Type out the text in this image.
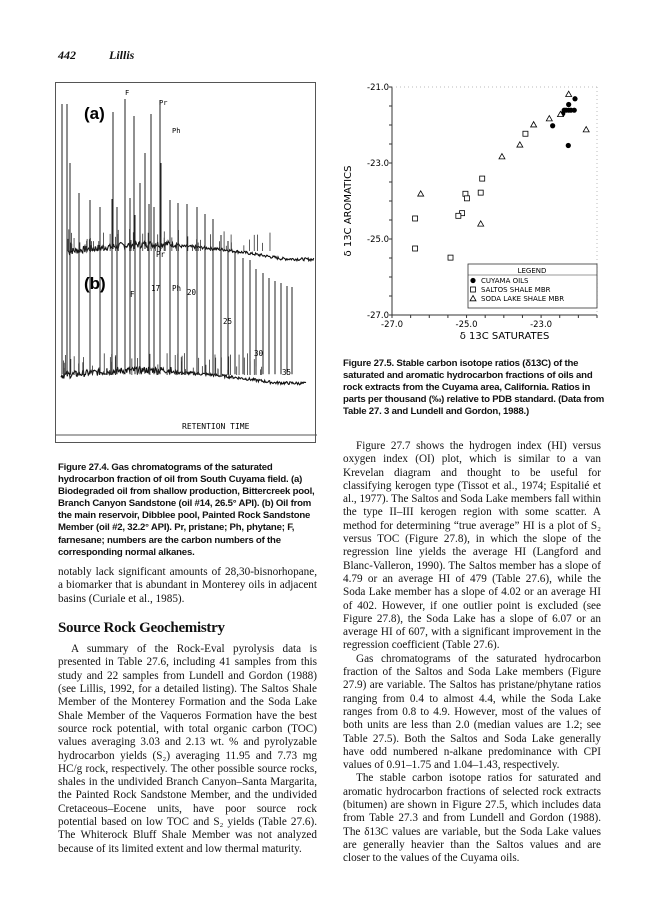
442	Lillis
(a)
(b)
RETENTION TIME
F
Pr
Ph
Pr
F
17 Ph 20
25
30
35
-27.0	-25.0	-23.0
-21.0
-23.0
-25.0
-27.0
δ 13C SATURATES
δ 13C AROMATICS
LEGEND
CUYAMA OILS
SALTOS SHALE MBR
SODA LAKE SHALE MBR
Figure 27.5. Stable carbon isotope ratios (δ13C) of the saturated and aromatic hydrocarbon fractions of oils and rock extracts from the Cuyama area, California. Ratios in parts per thousand (‰) relative to PDB standard. (Data from Table 27. 3 and Lundell and Gordon, 1988.)
Figure 27.4. Gas chromatograms of the saturated hydrocarbon fraction of oil from South Cuyama field. (a) Biodegraded oil from shallow production, Bittercreek pool, Branch Canyon Sandstone (oil #14, 26.5° API). (b) Oil from the main reservoir, Dibblee pool, Painted Rock Sandstone Member (oil #2, 32.2° API). Pr, pristane; Ph, phytane; F, farnesane; numbers are the carbon numbers of the corresponding normal alkanes.

notably lack significant amounts of 28,30-bisnorhopane, a biomarker that is abundant in Monterey oils in adjacent basins (Curiale et al., 1985).

Source Rock Geochemistry

A summary of the Rock-Eval pyrolysis data is presented in Table 27.6, including 41 samples from this study and 22 samples from Lundell and Gordon (1988) (see Lillis, 1992, for a detailed listing). The Saltos Shale Member of the Monterey Formation and the Soda Lake Shale Member of the Vaqueros Formation have the best source rock potential, with total organic carbon (TOC) values averaging 3.03 and 2.13 wt. % and pyrolyzable hydrocarbon yields (S₂) averaging 11.95 and 7.73 mg HC/g rock, respectively. The other possible source rocks, shales in the undivided Branch Canyon–Santa Margarita, the Painted Rock Sandstone Member, and the undivided Cretaceous–Eocene units, have poor source rock potential based on low TOC and S₂ yields (Table 27.6). The Whiterock Bluff Shale Member was not analyzed because of its limited extent and low thermal maturity.

Figure 27.7 shows the hydrogen index (HI) versus oxygen index (OI) plot, which is similar to a van Krevelan diagram and thought to be useful for classifying kerogen type (Tissot et al., 1974; Espitalié et al., 1977). The Saltos and Soda Lake members fall within the type II–III kerogen region with some scatter. A method for determining “true average” HI is a plot of S₂ versus TOC (Figure 27.8), in which the slope of the regression line yields the average HI (Langford and Blanc-Valleron, 1990). The Saltos member has a slope of 4.79 or an average HI of 479 (Table 27.6), while the Soda Lake member has a slope of 4.02 or an average HI of 402. However, if one outlier point is excluded (see Figure 27.8), the Soda Lake has a slope of 6.07 or an average HI of 607, with a significant improvement in the regression coefficient (Table 27.6).

Gas chromatograms of the saturated hydrocarbon fraction of the Saltos and Soda Lake members (Figure 27.9) are variable. The Saltos has pristane/phytane ratios ranging from 0.4 to almost 4.4, while the Soda Lake ranges from 0.8 to 4.9. However, most of the values of both units are less than 2.0 (median values are 1.2; see Table 27.5). Both the Saltos and Soda Lake generally have odd numbered n-alkane predominance with CPI values of 0.91–1.75 and 1.04–1.43, respectively.

The stable carbon isotope ratios for saturated and aromatic hydrocarbon fractions of selected rock extracts (bitumen) are shown in Figure 27.5, which includes data from Table 27.3 and from Lundell and Gordon (1988). The δ13C values are variable, but the Soda Lake values are generally heavier than the Saltos values and are closer to the values of the Cuyama oils.
